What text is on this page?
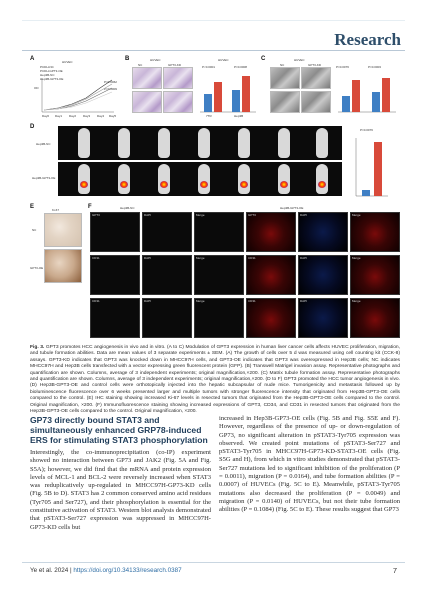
Research
A	HUVEC
OD
PCDH-NC
PCDH-GPT3-OE
Hep3B-NC
Hep3B-GPT3-OE
P=0.0062
P=0.0009
Day0 Day1 Day2 Day3 Day4 Day5
B	HUVEC
NC	GPT3-KD
HUVEC
P<0.0001	P=0.0008
7TR	Hep3B
C	HUVEC
NC	GPT3-KD	P=0.0076	P=0.0003
D
Hep3B-NC
Hep3B-GPT3-OE
P=0.0076
E	Ki-67
NC
GPT3-OE
F	Hep3B-NC	Hep3B-GPT3-OE
GPT3	DAPI	Merge	GPT3	DAPI	Merge
CD31	DAPI	Merge	CD31	DAPI	Merge
CD31	DAPI	Merge	CD31	DAPI	Merge
Fig. 3. GPT3 promotes HCC angiogenesis in vivo and in vitro. (A to C) Modulation of GPT3 expression in human liver cancer cells affects HUVEC proliferation, migration, and tubule formation abilities. Data are mean values of 3 separate experiments ± SEM. (A) The growth of cells over 5 d was measured using cell counting kit (CCK-8) assays. GPT3-KD indicates that GPT3 was knocked down in MHCC97H cells, and GPT3-OE indicates that GPT3 was overexpressed in Hep3B cells; NC indicates MHCC97H and Hep3B cells transfected with a vector expressing green fluorescent protein (GFP). (B) Transwell Matrigel invasion assay. Representative photographs and quantification are shown. Columns, average of 3 independent experiments; original magnification,×200. (C) Matrix tubule formation assay. Representative photographs and quantification are shown. Columns, average of 3 independent experiments; original magnification,×200. (D to F) GPT3 promoted the HCC tumor angiogenesis in vivo. (D) Hep3B-GPT3-OE and control cells were orthotopically injected into the hepatic subcapsular of nude mice. Tumorigenicity and metastasis followed up by bioluminescence fluorescence over 6 weeks presented larger and multiple tumors with stronger fluorescence intensity that originated from Hep3B-GPT3-OE cells compared to the control. (E) IHC staining showing increased Ki-67 levels in resected tumors that originated from the Hep3B-GPT3-OE cells compared to the control. Original magnification, ×200. (F) Immunofluorescence staining showing increased expressions of GPT3, CD34, and CD31 in resected tumors that originated from the Hep3B-GPT3-OE cells compared to the control. Original magnification, ×200.
GP73 directly bound STAT3 and simultaneously enhanced GRP78-induced ERS for stimulating STAT3 phosphorylation
Interestingly, the co-immunoprecipitation (co-IP) experiment showed no interaction between GP73 and JAK2 (Fig. 5A and Fig. S5A); however, we did find that the mRNA and protein expression levels of MCL-1 and BCL-2 were reversely increased when STAT3 was reduplicatively up-regulated in MHCC97H-GP73-KD cells (Fig. 5B to D). STAT3 has 2 common conserved amino acid residues (Tyr705 and Ser727), and their phosphorylation is essential for the constitutive activation of STAT3. Western blot analysis demonstrated that pSTAT3-Ser727 expression was suppressed in MHCC97H-GP73-KD cells but
increased in Hep3B-GP73-OE cells (Fig. 5B and Fig. S5E and F). However, regardless of the presence of up- or down-regulation of GP73, no significant alteration in pSTAT3-Tyr705 expression was observed. We created point mutations of pSTAT3-Ser727 and pSTAT3-Tyr705 in MHCC97H-GP73-KD-STAT3-OE cells (Fig. S5G and H), from which in vitro studies demonstrated that pSTAT3-Ser727 mutations led to significant inhibition of the proliferation (P = 0.0011), migration (P = 0.0164), and tube formation abilities (P = 0.0007) of HUVECs (Fig. 5C to E). Meanwhile, pSTAT3-Tyr705 mutations also decreased the proliferation (P = 0.0049) and migration (P = 0.0140) of HUVECs, but not their tube formation abilities (P = 0.1084) (Fig. 5C to E). These results suggest that GP73
Ye et al. 2024 | https://doi.org/10.34133/research.0387	7
